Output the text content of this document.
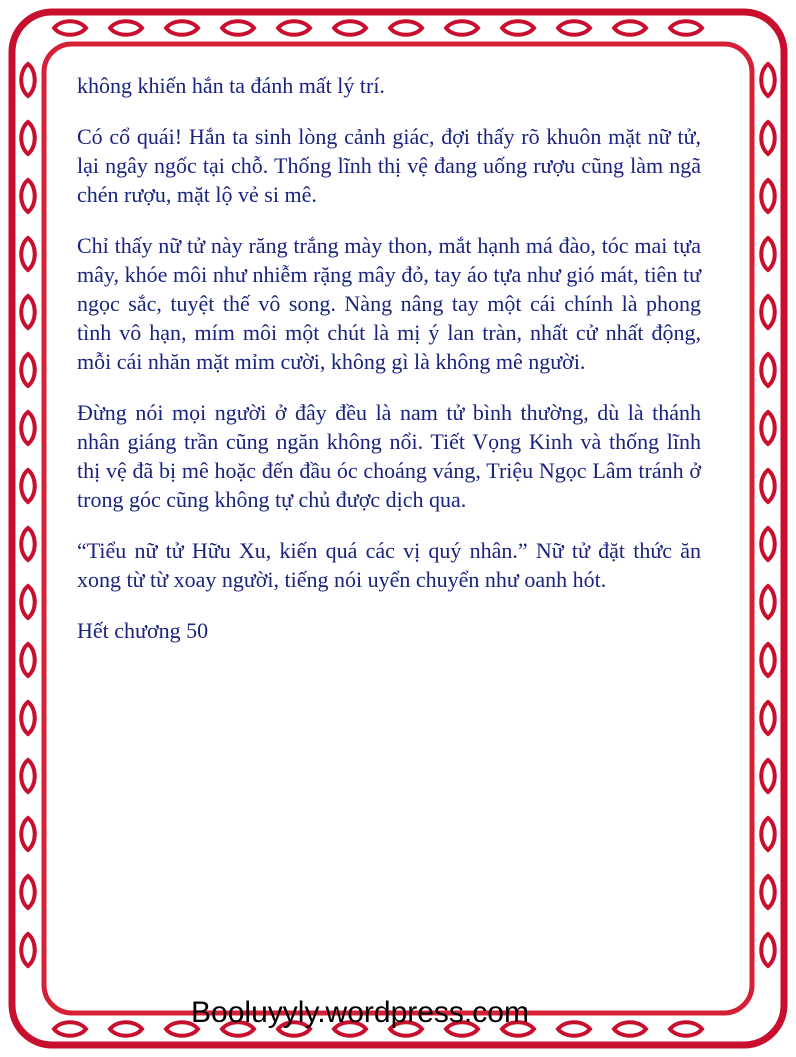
không khiến hắn ta đánh mất lý trí.

Có cổ quái! Hắn ta sinh lòng cảnh giác, đợi thấy rõ khuôn mặt nữ tử, lại ngây ngốc tại chỗ. Thống lĩnh thị vệ đang uống rượu cũng làm ngã chén rượu, mặt lộ vẻ si mê.

Chỉ thấy nữ tử này răng trắng mày thon, mắt hạnh má đào, tóc mai tựa mây, khóe môi như nhiễm rặng mây đỏ, tay áo tựa như gió mát, tiên tư ngọc sắc, tuyệt thế vô song. Nàng nâng tay một cái chính là phong tình vô hạn, mím môi một chút là mị ý lan tràn, nhất cử nhất động, mỗi cái nhăn mặt mỉm cười, không gì là không mê người.

Đừng nói mọi người ở đây đều là nam tử bình thường, dù là thánh nhân giáng trần cũng ngăn không nổi. Tiết Vọng Kinh và thống lĩnh thị vệ đã bị mê hoặc đến đầu óc choáng váng, Triệu Ngọc Lâm tránh ở trong góc cũng không tự chủ được dịch qua.

“Tiểu nữ tử Hữu Xu, kiến quá các vị quý nhân.” Nữ tử đặt thức ăn xong từ từ xoay người, tiếng nói uyển chuyển như oanh hót.

Hết chương 50

Booluyyly.wordpress.com
